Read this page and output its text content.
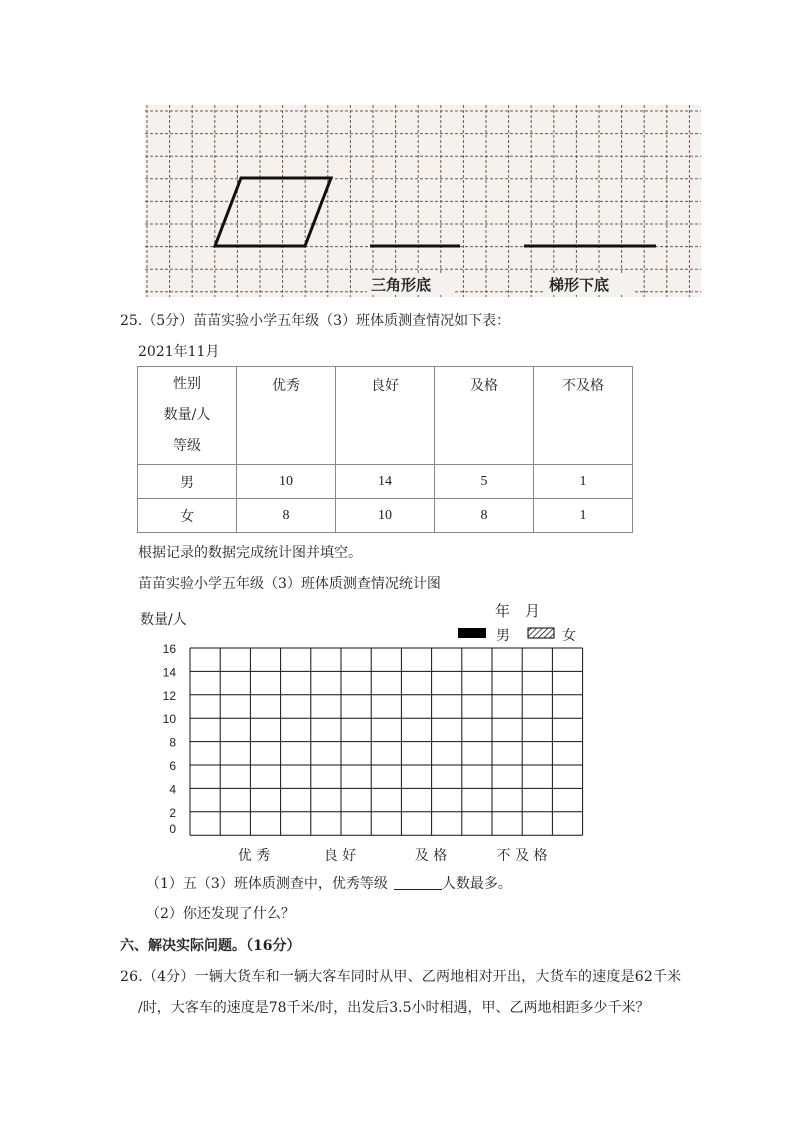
三角形底	梯形下底
25.（5分）苗苗实验小学五年级（3）班体质测查情况如下表：
2021年11月
性别
数量/人
等级	优秀	良好	及格	不及格
男	10	14	5	1
女	8	10	8	1
根据记录的数据完成统计图并填空。
苗苗实验小学五年级（3）班体质测查情况统计图
16
14
12
10
8
6
4
2
0
优 秀	良 好	及 格	不 及 格
数量/人	年　月
男	女
（1）五（3）班体质测查中，优秀等级	人数最多。
（2）你还发现了什么？
六、解决实际问题。（16分）
26.（4分）一辆大货车和一辆大客车同时从甲、乙两地相对开出，大货车的速度是62千米
/时，大客车的速度是78千米/时，出发后3.5小时相遇，甲、乙两地相距多少千米？
